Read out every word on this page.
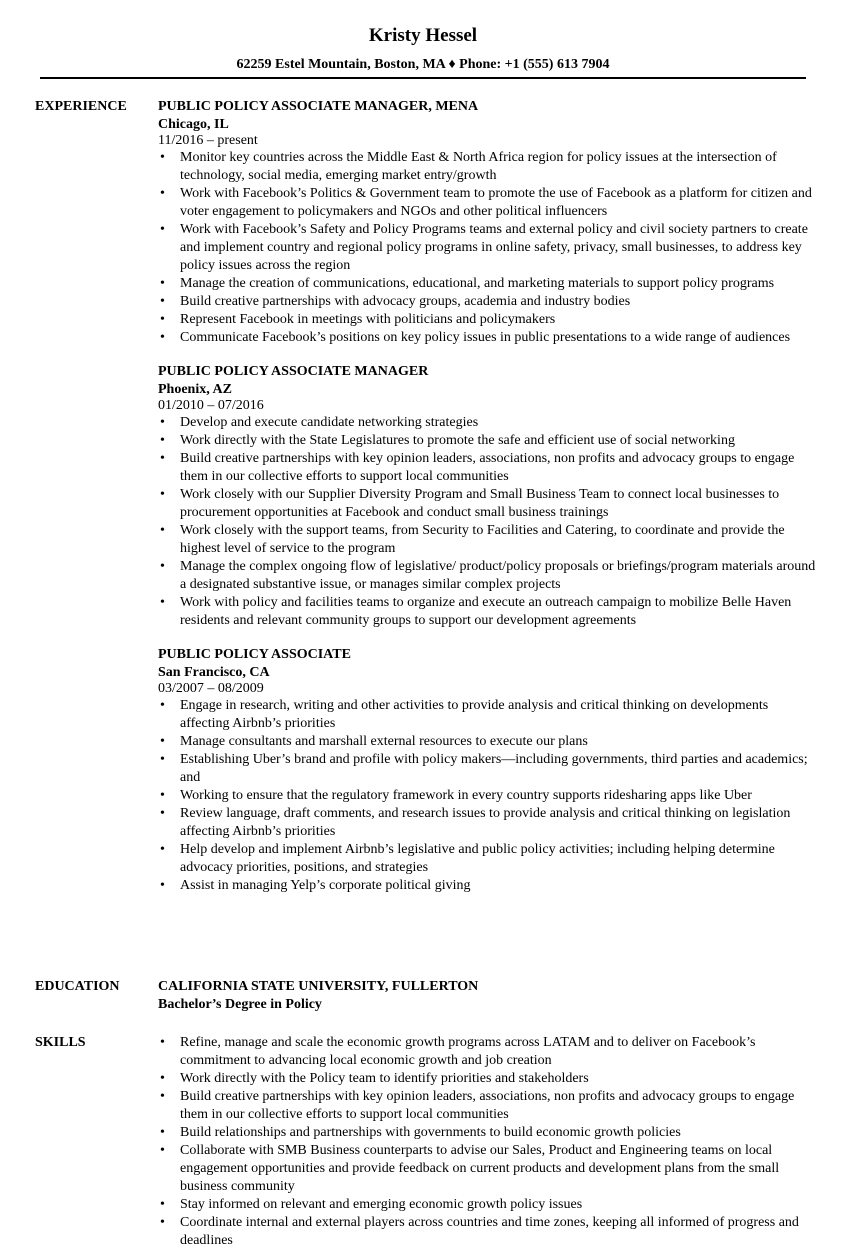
Kristy Hessel
62259 Estel Mountain, Boston, MA ♦ Phone: +1 (555) 613 7904
EXPERIENCE PUBLIC POLICY ASSOCIATE MANAGER, MENA
Chicago, IL
11/2016 – present
• Monitor key countries across the Middle East & North Africa region for policy issues at the intersection of technology, social media, emerging market entry/growth
• Work with Facebook’s Politics & Government team to promote the use of Facebook as a platform for citizen and voter engagement to policymakers and NGOs and other political influencers
• Work with Facebook’s Safety and Policy Programs teams and external policy and civil society partners to create and implement country and regional policy programs in online safety, privacy, small businesses, to address key policy issues across the region
• Manage the creation of communications, educational, and marketing materials to support policy programs
• Build creative partnerships with advocacy groups, academia and industry bodies
• Represent Facebook in meetings with politicians and policymakers
• Communicate Facebook’s positions on key policy issues in public presentations to a wide range of audiences
PUBLIC POLICY ASSOCIATE MANAGER
Phoenix, AZ
01/2010 – 07/2016
• Develop and execute candidate networking strategies
• Work directly with the State Legislatures to promote the safe and efficient use of social networking
• Build creative partnerships with key opinion leaders, associations, non profits and advocacy groups to engage them in our collective efforts to support local communities
• Work closely with our Supplier Diversity Program and Small Business Team to connect local businesses to procurement opportunities at Facebook and conduct small business trainings
• Work closely with the support teams, from Security to Facilities and Catering, to coordinate and provide the highest level of service to the program
• Manage the complex ongoing flow of legislative/ product/policy proposals or briefings/program materials around a designated substantive issue, or manages similar complex projects
• Work with policy and facilities teams to organize and execute an outreach campaign to mobilize Belle Haven residents and relevant community groups to support our development agreements
PUBLIC POLICY ASSOCIATE
San Francisco, CA
03/2007 – 08/2009
• Engage in research, writing and other activities to provide analysis and critical thinking on developments affecting Airbnb’s priorities
• Manage consultants and marshall external resources to execute our plans
• Establishing Uber’s brand and profile with policy makers—including governments, third parties and academics; and
• Working to ensure that the regulatory framework in every country supports ridesharing apps like Uber
• Review language, draft comments, and research issues to provide analysis and critical thinking on legislation affecting Airbnb’s priorities
• Help develop and implement Airbnb’s legislative and public policy activities; including helping determine advocacy priorities, positions, and strategies
• Assist in managing Yelp’s corporate political giving
EDUCATION	CALIFORNIA STATE UNIVERSITY, FULLERTON
Bachelor’s Degree in Policy
SKILLS
•	Refine, manage and scale the economic growth programs across LATAM and to deliver on Facebook’s commitment to advancing local economic growth and job creation
• Work directly with the Policy team to identify priorities and stakeholders
• Build creative partnerships with key opinion leaders, associations, non profits and advocacy groups to engage them in our collective efforts to support local communities
• Build relationships and partnerships with governments to build economic growth policies
• Collaborate with SMB Business counterparts to advise our Sales, Product and Engineering teams on local engagement opportunities and provide feedback on current products and development plans from the small business community
• Stay informed on relevant and emerging economic growth policy issues
• Coordinate internal and external players across countries and time zones, keeping all informed of progress and deadlines
